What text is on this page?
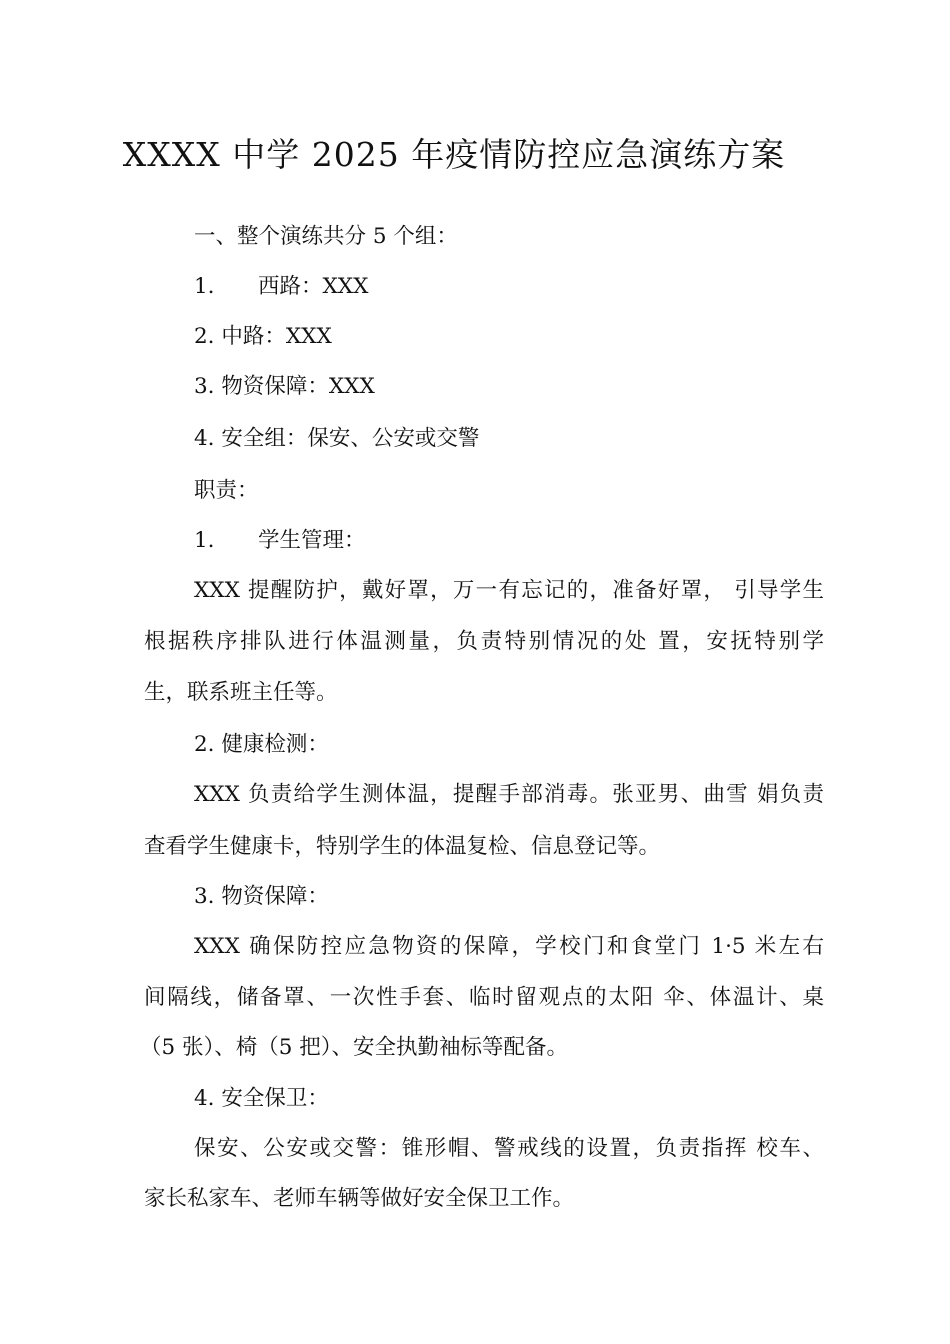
XXXX 中学 2025 年疫情防控应急演练方案
一、整个演练共分 5 个组：
1. 西路：XXX
2. 中路：XXX
3. 物资保障：XXX
4. 安全组：保安、公安或交警
职责：
1. 学生管理：
XXX 提醒防护，戴好罩，万一有忘记的，准备好罩， 引导学生
根据秩序排队进行体温测量，负责特别情况的处 置，安抚特别学
生，联系班主任等。
2. 健康检测：
XXX 负责给学生测体温，提醒手部消毒。张亚男、曲雪 娟负责
查看学生健康卡，特别学生的体温复检、信息登记等。
3. 物资保障：
XXX 确保防控应急物资的保障，学校门和食堂门 1·5 米左右
间隔线，储备罩、一次性手套、临时留观点的太阳 伞、体温计、桌
（5 张）、椅（5 把）、安全执勤袖标等配备。
4. 安全保卫：
保安、公安或交警：锥形帽、警戒线的设置，负责指挥 校车、
家长私家车、老师车辆等做好安全保卫工作。
